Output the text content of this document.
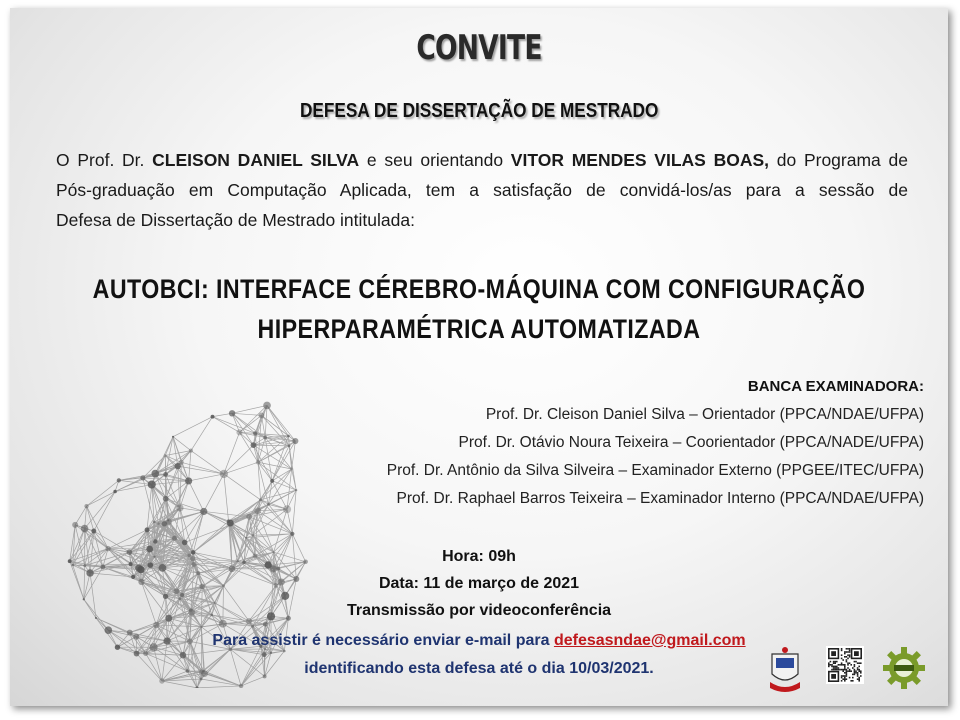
CONVITE
DEFESA DE DISSERTAÇÃO DE MESTRADO

O Prof. Dr. CLEISON DANIEL SILVA e seu orientando VITOR MENDES VILAS BOAS, do Programa de

Pós-graduação em Computação Aplicada, tem a satisfação de convidá-los/as para a sessão de

Defesa de Dissertação de Mestrado intitulada:

AUTOBCI: INTERFACE CÉREBRO-MÁQUINA COM CONFIGURAÇÃO

HIPERPARAMÉTRICA AUTOMATIZADA

BANCA EXAMINADORA:

Prof. Dr. Cleison Daniel Silva – Orientador (PPCA/NDAE/UFPA)

Prof. Dr. Otávio Noura Teixeira – Coorientador (PPCA/NADE/UFPA)

Prof. Dr. Antônio da Silva Silveira – Examinador Externo (PPGEE/ITEC/UFPA)

Prof. Dr. Raphael Barros Teixeira – Examinador Interno (PPCA/NDAE/UFPA)

Hora: 09h

Data: 11 de março de 2021

Transmissão por videoconferência

Para assistir é necessário enviar e-mail para defesasndae@gmail.com

identificando esta defesa até o dia 10/03/2021.
